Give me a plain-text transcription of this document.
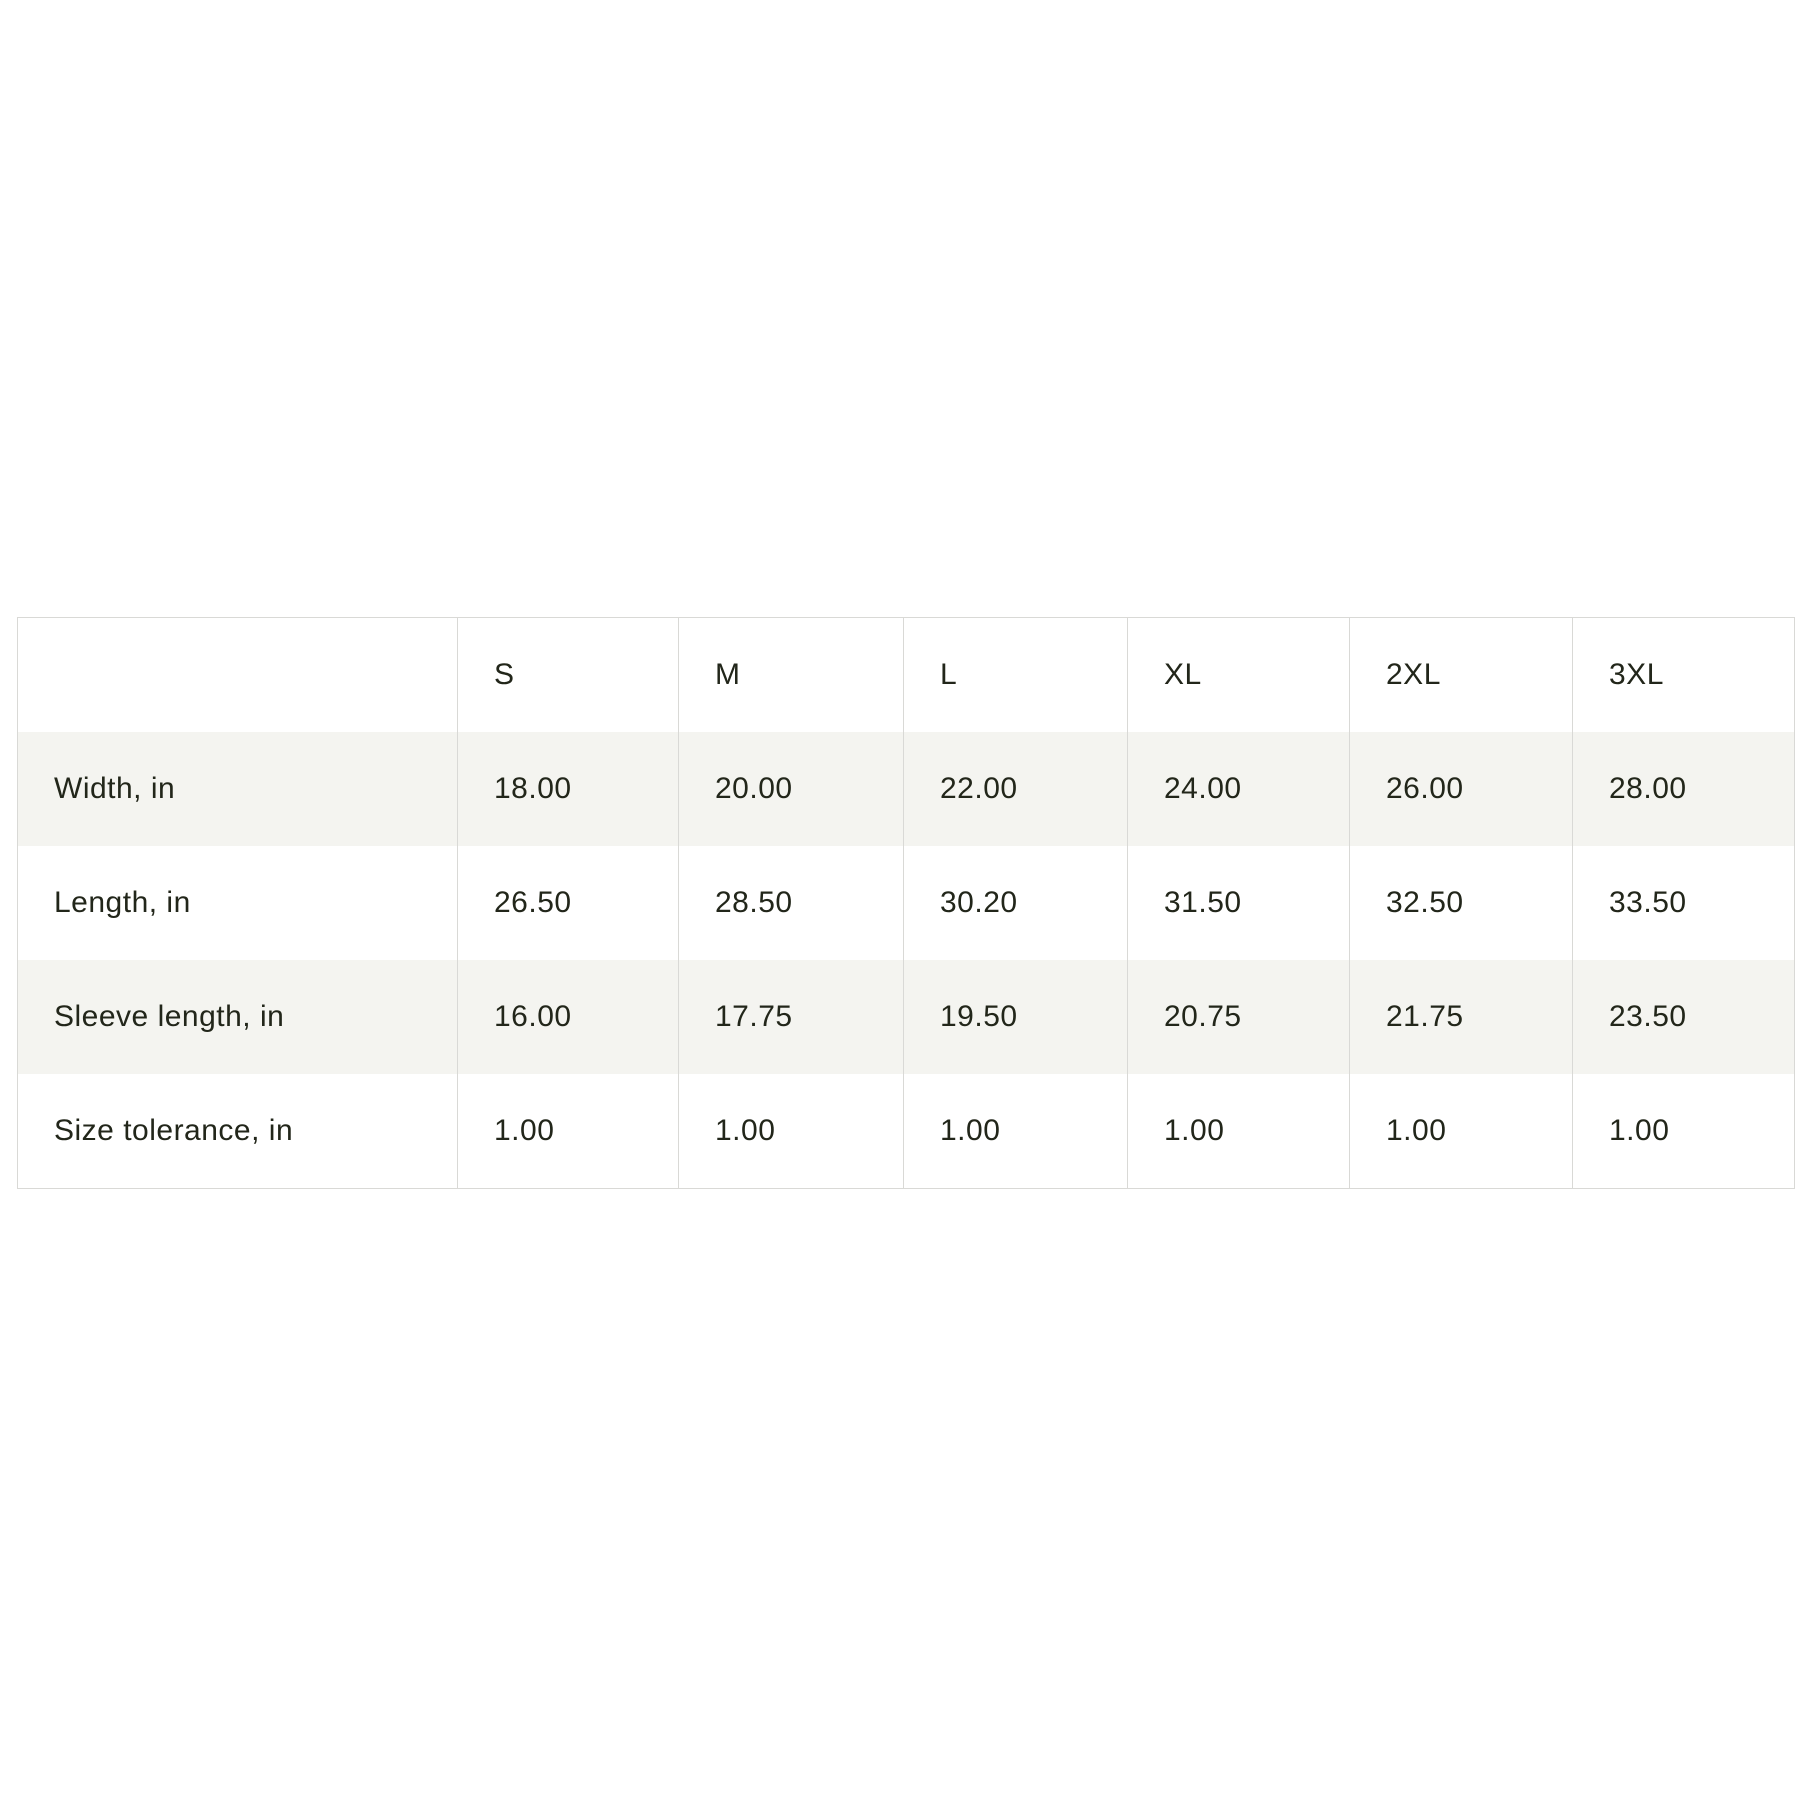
	S	M	L	XL	2XL	3XL
Width, in	18.00	20.00	22.00	24.00	26.00	28.00
Length, in	26.50	28.50	30.20	31.50	32.50	33.50
Sleeve length, in	16.00	17.75	19.50	20.75	21.75	23.50
Size tolerance, in	1.00	1.00	1.00	1.00	1.00	1.00
